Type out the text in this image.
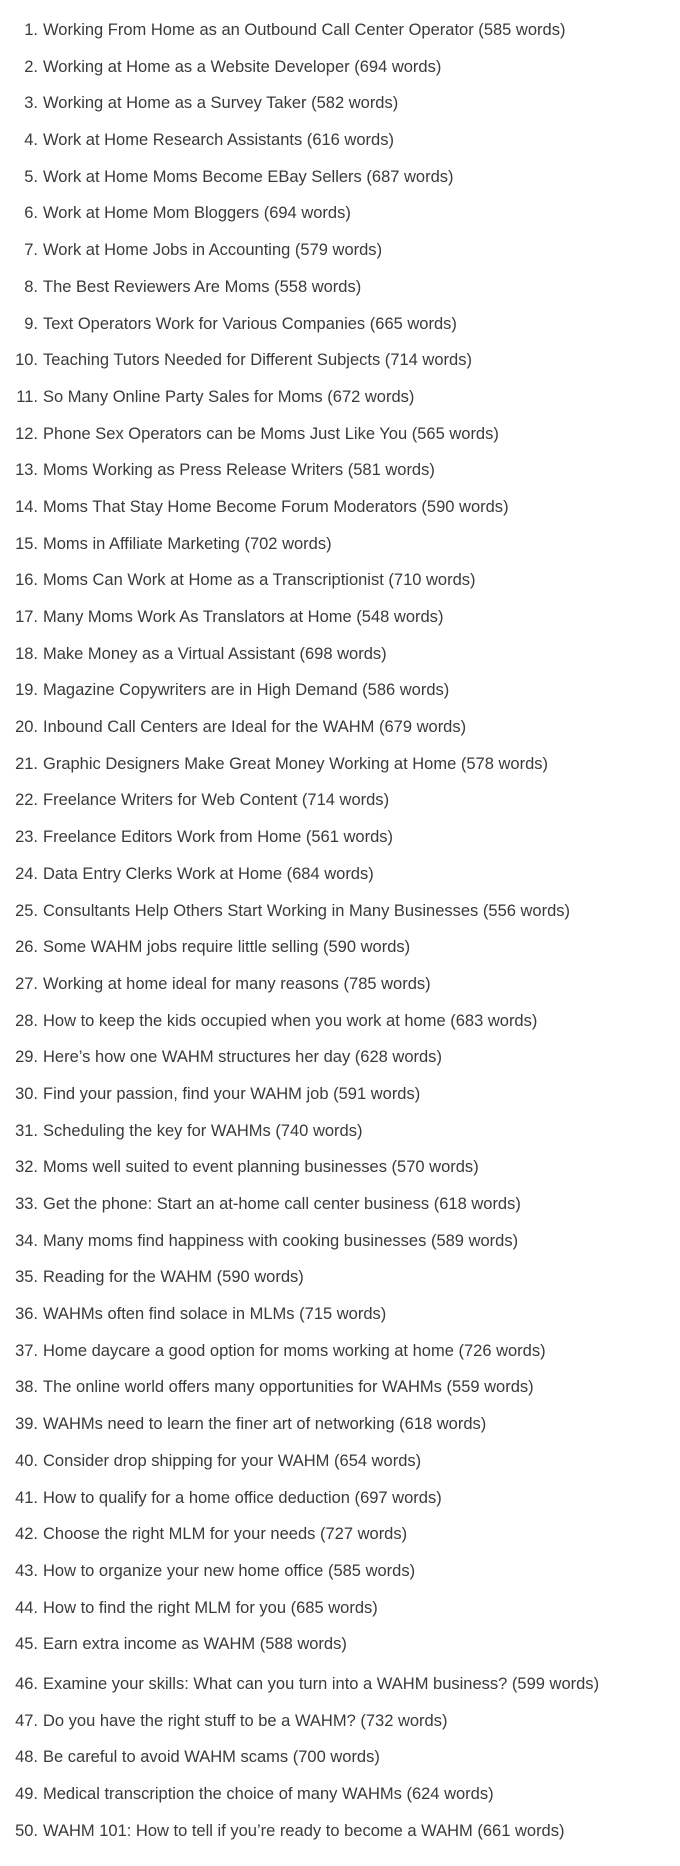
1. Working From Home as an Outbound Call Center Operator ( 585 words )
2. Working at Home as a Website Developer ( 694 words )
3. Working at Home as a Survey Taker ( 582 words )
4. Work at Home Research Assistants ( 616 words )
5. Work at Home Moms Become EBay Sellers ( 687 words )
6. Work at Home Mom Bloggers ( 694 words )
7. Work at Home Jobs in Accounting ( 579 words )
8. The Best Reviewers Are Moms ( 558 words )
9. Text Operators Work for Various Companies ( 665 words )
10. Teaching Tutors Needed for Different Subjects ( 714 words )
11. So Many Online Party Sales for Moms ( 672 words )
12. Phone Sex Operators can be Moms Just Like You ( 565 words )
13. Moms Working as Press Release Writers ( 581 words )
14. Moms That Stay Home Become Forum Moderators ( 590 words )
15. Moms in Affiliate Marketing ( 702 words )
16. Moms Can Work at Home as a Transcriptionist ( 710 words )
17. Many Moms Work As Translators at Home ( 548 words )
18. Make Money as a Virtual Assistant ( 698 words )
19. Magazine Copywriters are in High Demand ( 586 words )
20. Inbound Call Centers are Ideal for the WAHM ( 679 words )
21. Graphic Designers Make Great Money Working at Home ( 578 words )
22. Freelance Writers for Web Content ( 714 words )
23. Freelance Editors Work from Home ( 561 words )
24. Data Entry Clerks Work at Home ( 684 words )
25. Consultants Help Others Start Working in Many Businesses ( 556 words )
26. Some WAHM jobs require little selling ( 590 words )
27. Working at home ideal for many reasons ( 785 words )
28. How to keep the kids occupied when you work at home ( 683 words )
29. Here’s how one WAHM structures her day ( 628 words )
30. Find your passion, find your WAHM job ( 591 words )
31. Scheduling the key for WAHMs ( 740 words )
32. Moms well suited to event planning businesses ( 570 words )
33. Get the phone: Start an at-home call center business ( 618 words )
34. Many moms find happiness with cooking businesses ( 589 words )
35. Reading for the WAHM ( 590 words )
36. WAHMs often find solace in MLMs ( 715 words )
37. Home daycare a good option for moms working at home ( 726 words )
38. The online world offers many opportunities for WAHMs ( 559 words )
39. WAHMs need to learn the finer art of networking ( 618 words )
40. Consider drop shipping for your WAHM ( 654 words )
41. How to qualify for a home office deduction ( 697 words )
42. Choose the right MLM for your needs ( 727 words )
43. How to organize your new home office ( 585 words )
44. How to find the right MLM for you ( 685 words )
45. Earn extra income as WAHM ( 588 words )
46. Examine your skills: What can you turn into a WAHM business? ( 599 words )
47. Do you have the right stuff to be a WAHM? ( 732 words )
48. Be careful to avoid WAHM scams ( 700 words )
49. Medical transcription the choice of many WAHMs ( 624 words )
50. WAHM 101: How to tell if you’re ready to become a WAHM ( 661 words )
